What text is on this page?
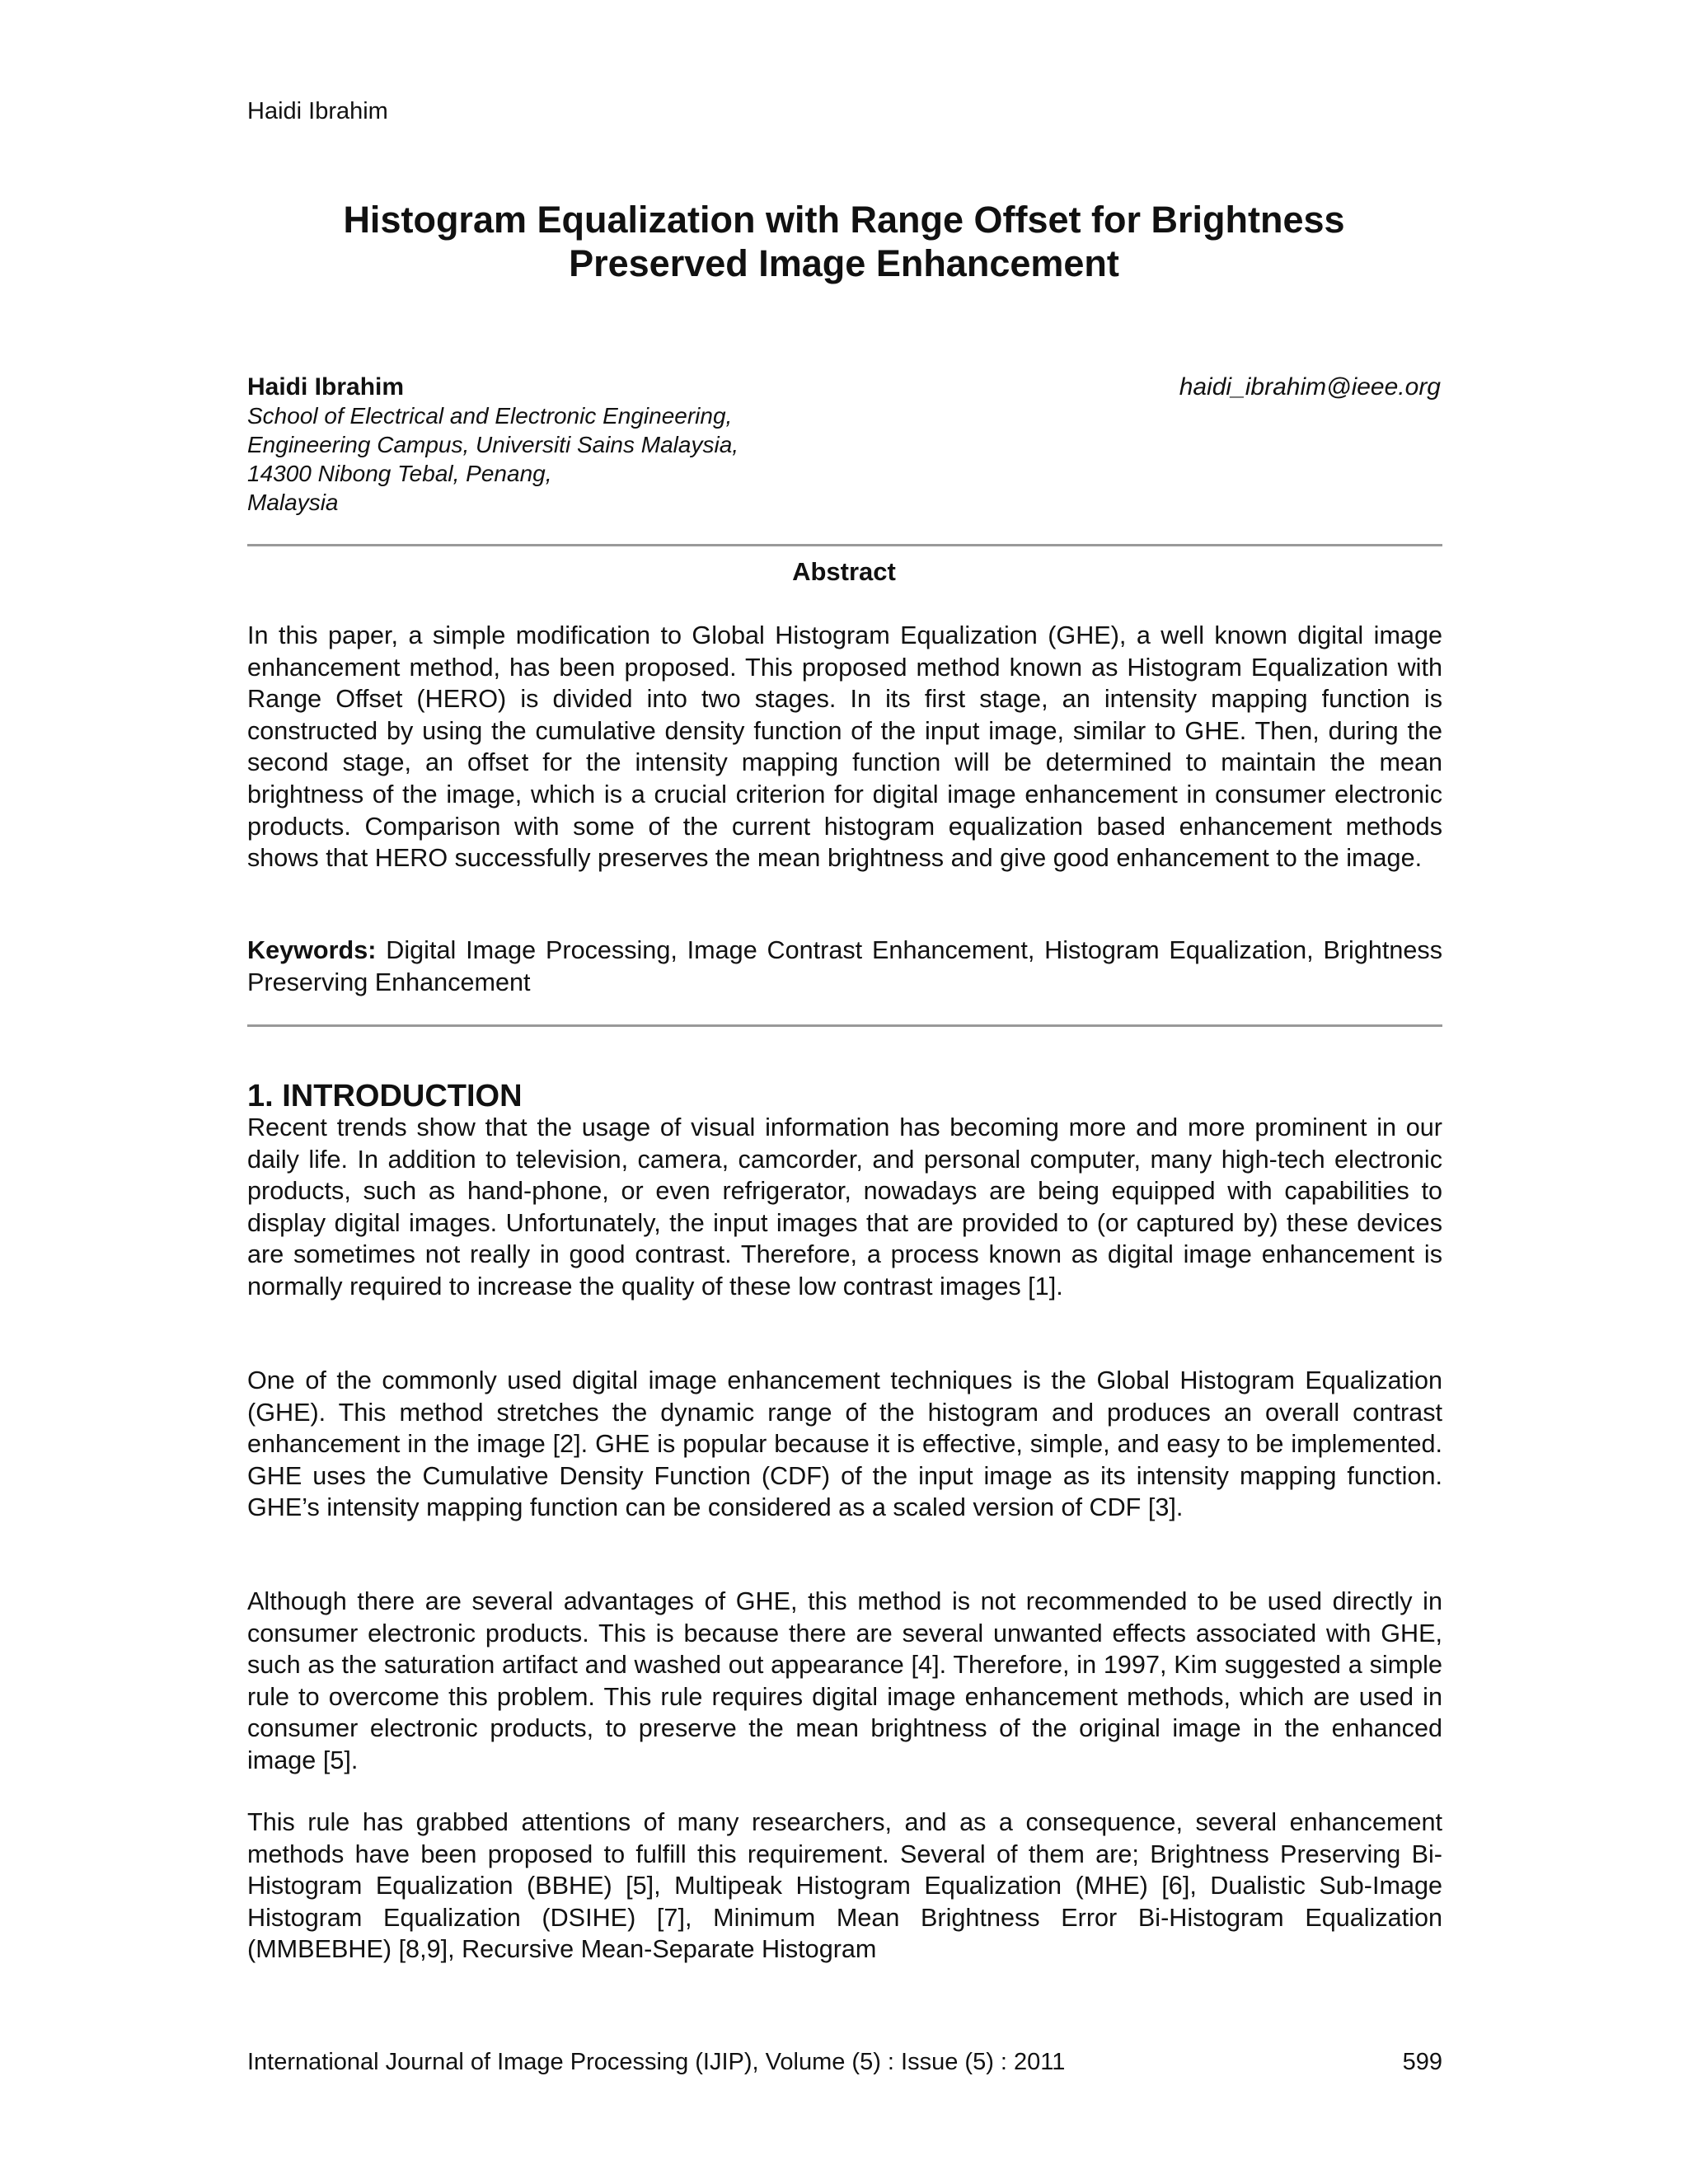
Haidi Ibrahim
Histogram Equalization with Range Offset for Brightness
Preserved Image Enhancement
Haidi Ibrahim	haidi_ibrahim@ieee.org
School of Electrical and Electronic Engineering,
Engineering Campus, Universiti Sains Malaysia,
14300 Nibong Tebal, Penang,
Malaysia
Abstract
In this paper, a simple modification to Global Histogram Equalization (GHE), a well known digital image enhancement method, has been proposed. This proposed method known as Histogram Equalization with Range Offset (HERO) is divided into two stages. In its first stage, an intensity mapping function is constructed by using the cumulative density function of the input image, similar to GHE. Then, during the second stage, an offset for the intensity mapping function will be determined to maintain the mean brightness of the image, which is a crucial criterion for digital image enhancement in consumer electronic products. Comparison with some of the current histogram equalization based enhancement methods shows that HERO successfully preserves the mean brightness and give good enhancement to the image.
Keywords: Digital Image Processing, Image Contrast Enhancement, Histogram Equalization, Brightness Preserving Enhancement
1. INTRODUCTION
Recent trends show that the usage of visual information has becoming more and more prominent in our daily life. In addition to television, camera, camcorder, and personal computer, many high-tech electronic products, such as hand-phone, or even refrigerator, nowadays are being equipped with capabilities to display digital images. Unfortunately, the input images that are provided to (or captured by) these devices are sometimes not really in good contrast. Therefore, a process known as digital image enhancement is normally required to increase the quality of these low contrast images [1].
One of the commonly used digital image enhancement techniques is the Global Histogram Equalization (GHE). This method stretches the dynamic range of the histogram and produces an overall contrast enhancement in the image [2]. GHE is popular because it is effective, simple, and easy to be implemented. GHE uses the Cumulative Density Function (CDF) of the input image as its intensity mapping function. GHE’s intensity mapping function can be considered as a scaled version of CDF [3].
Although there are several advantages of GHE, this method is not recommended to be used directly in consumer electronic products. This is because there are several unwanted effects associated with GHE, such as the saturation artifact and washed out appearance [4]. Therefore, in 1997, Kim suggested a simple rule to overcome this problem. This rule requires digital image enhancement methods, which are used in consumer electronic products, to preserve the mean brightness of the original image in the enhanced image [5].
This rule has grabbed attentions of many researchers, and as a consequence, several enhancement methods have been proposed to fulfill this requirement. Several of them are; Brightness Preserving Bi-Histogram Equalization (BBHE) [5], Multipeak Histogram Equalization (MHE) [6], Dualistic Sub-Image Histogram Equalization (DSIHE) [7], Minimum Mean Brightness Error Bi-Histogram Equalization (MMBEBHE) [8,9], Recursive Mean-Separate Histogram
International Journal of Image Processing (IJIP), Volume (5) : Issue (5) : 2011	599
